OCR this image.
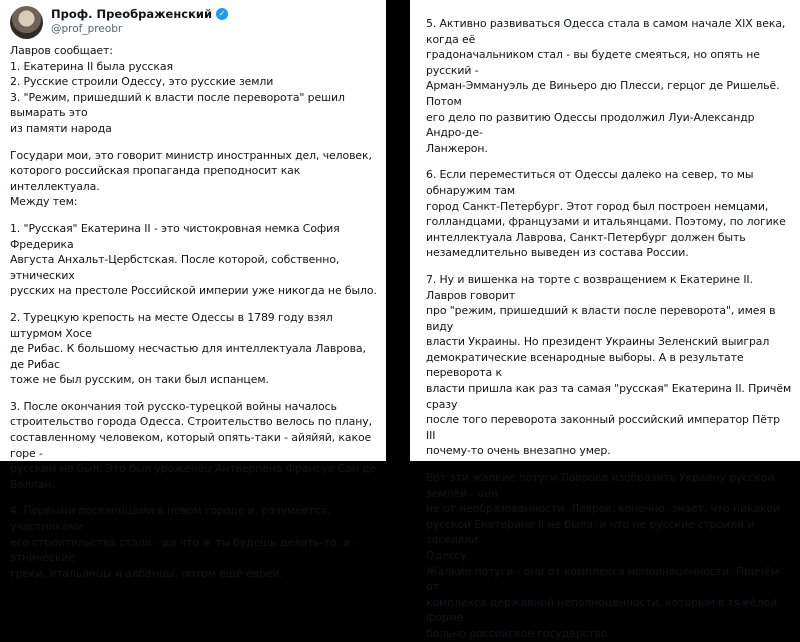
Проф. Преображенский ✓
@prof_preobr

Лавров сообщает:
1. Екатерина II была русская
2. Русские строили Одессу, это русские земли
3. "Режим, пришедший к власти после переворота" решил вымарать это
из памяти народа

Государи мои, это говорит министр иностранных дел, человек,
которого российская пропаганда преподносит как интеллектуала.
Между тем:

1. "Русская" Екатерина II - это чистокровная немка София Фредерика
Августа Анхальт-Цербстская. После которой, собственно, этнических
русских на престоле Российской империи уже никогда не было.

2. Турецкую крепость на месте Одессы в 1789 году взял штурмом Хосе
де Рибас. К большому несчастью для интеллектуала Лаврова, де Рибас
тоже не был русским, он таки был испанцем.

3. После окончания той русско-турецкой войны началось
строительство города Одесса. Строительство велось по плану,
составленному человеком, который опять-таки - айяйяй, какое горе -
русским не был. Это был уроженец Антверпена Франсуа Сан де Воллан.

4. Первыми поселенцами в новом городе и, разумеется, участниками
его строительства стали - да что ж ты будешь делать-то, а - этнические
греки, итальянцы и албанцы, потом ещё евреи.

5. Активно развиваться Одесса стала в самом начале XIX века, когда её
градоначальником стал - вы будете смеяться, но опять не русский -
Арман-Эммануэль де Виньеро дю Плесси, герцог де Ришельё. Потом
его дело по развитию Одессы продолжил Луи-Александр Андро-де-
Ланжерон.

6. Если переместиться от Одессы далеко на север, то мы обнаружим там
город Санкт-Петербург. Этот город был построен немцами,
голландцами, французами и итальянцами. Поэтому, по логике
интеллектуала Лаврова, Санкт-Петербург должен быть
незамедлительно выведен из состава России.

7. Ну и вишенка на торте с возвращением к Екатерине II. Лавров говорит
про "режим, пришедший к власти после переворота", имея в виду
власти Украины. Но президент Украины Зеленский выиграл
демократические всенародные выборы. А в результате переворота к
власти пришла как раз та самая "русская" Екатерина II. Причём сразу
после того переворота законный российский император Пётр III
почему-то очень внезапно умер.

Вот эти жалкие потуги Лаврова изобразить Украину русской землёй - они
не от необразованности. Лавров, конечно, знает, что никакой
русской Екатерина II не была, и что не русские строили и заселяли
Одессу.
Жалкие потуги - они от комплекса неполноценности. Причём от
комплекса державной неполноценности, которым в тяжёлой форме
больно российское государство.
